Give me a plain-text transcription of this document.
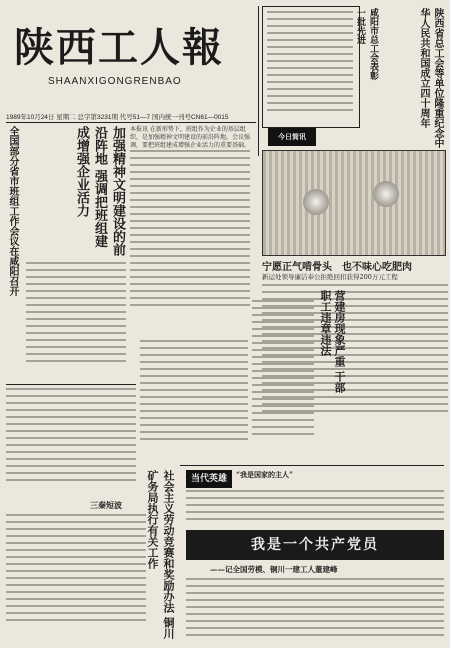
陕西工人報
SHAANXIGONGRENBAO
1989年10月24日 星期二 总字第3231期 代号51—7 国内统一刊号CN61—0015
全国部分省市班组工作会议在咸阳召开	加强精神文明建设的前沿阵地 强调把班组建成增强企业活力	本报讯 在新形势下，班组作为企业的基层组织，是加强精神文明建设的前沿阵地。会议强调，要把班组建成增强企业活力的重要基础。	陕西省总工会等单位隆重纪念中华人民共和国成立四十周年
咸阳市总工会表彰一批先进
今日简讯
宁愿正气啃骨头　也不味心吃肥肉
新运处领导廉洁奉公拒绝回扣获得200万元工程
营建房现象严重 干部职工违章违法
三秦短波	社会主义劳动竞赛和奖励办法 铜川矿务局执行有关工作	当代英雄	“我是国家的主人”
我是一个共产党员
——记全国劳模、铜川一建工人董建峰
